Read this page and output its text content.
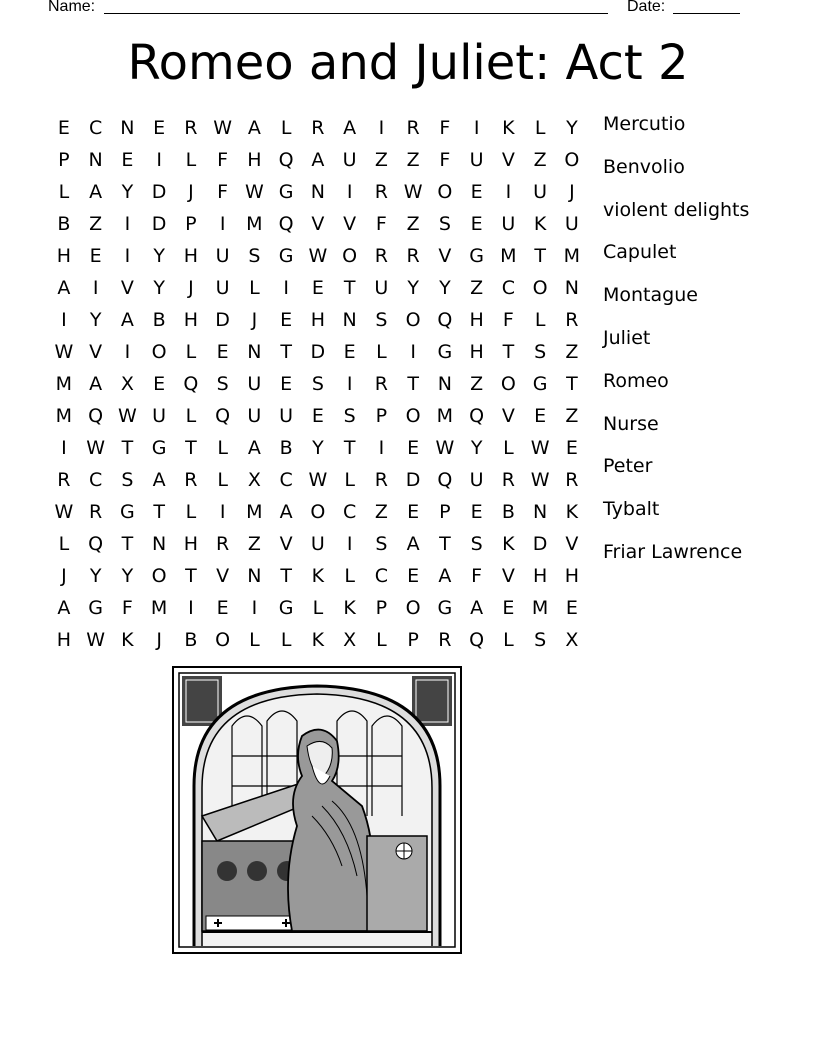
Name:	Date:
Romeo and Juliet: Act 2
E	C N E	R W A	L	R A	I	R	F	I	K	L	Y
P N E	I	L	F	H Q A U Z Z	F	U V Z O
L	A	Y D	J	F W G N	I	R W O E	I	U	J
B Z	I	D P	I	M Q V V	F	Z	S	E U K U
H E	I	Y H U S G W O R R V G M T M
A	I	V	Y	J	U	L	I	E	T U Y	Y	Z C O N
I	Y	A B H D	J	E H N S O Q H	F	L	R
W V	I	O L	E N T D E	L	I	G H T	S	Z
M A X	E Q S U E	S	I	R	T N Z O G T
M Q W U	L Q U U E	S	P O M Q V	E	Z
I	W T G T	L	A B	Y	T	I	E W Y	L W E
R C	S	A R	L	X C W L	R D Q U R W R
W R G T	L	I	M A O C Z	E	P	E	B N K
L Q T N H R Z V U	I	S	A	T	S	K D V
J	Y	Y O T	V N T	K	L	C	E	A	F	V H H
A G F M	I	E	I	G	L	K	P O G A	E M E
H W K	J	B O L	L	K	X	L	P	R Q L	S	X
Mercutio
Benvolio
violent delights
Capulet
Montague
Juliet
Romeo
Nurse
Peter
Tybalt
Friar Lawrence
